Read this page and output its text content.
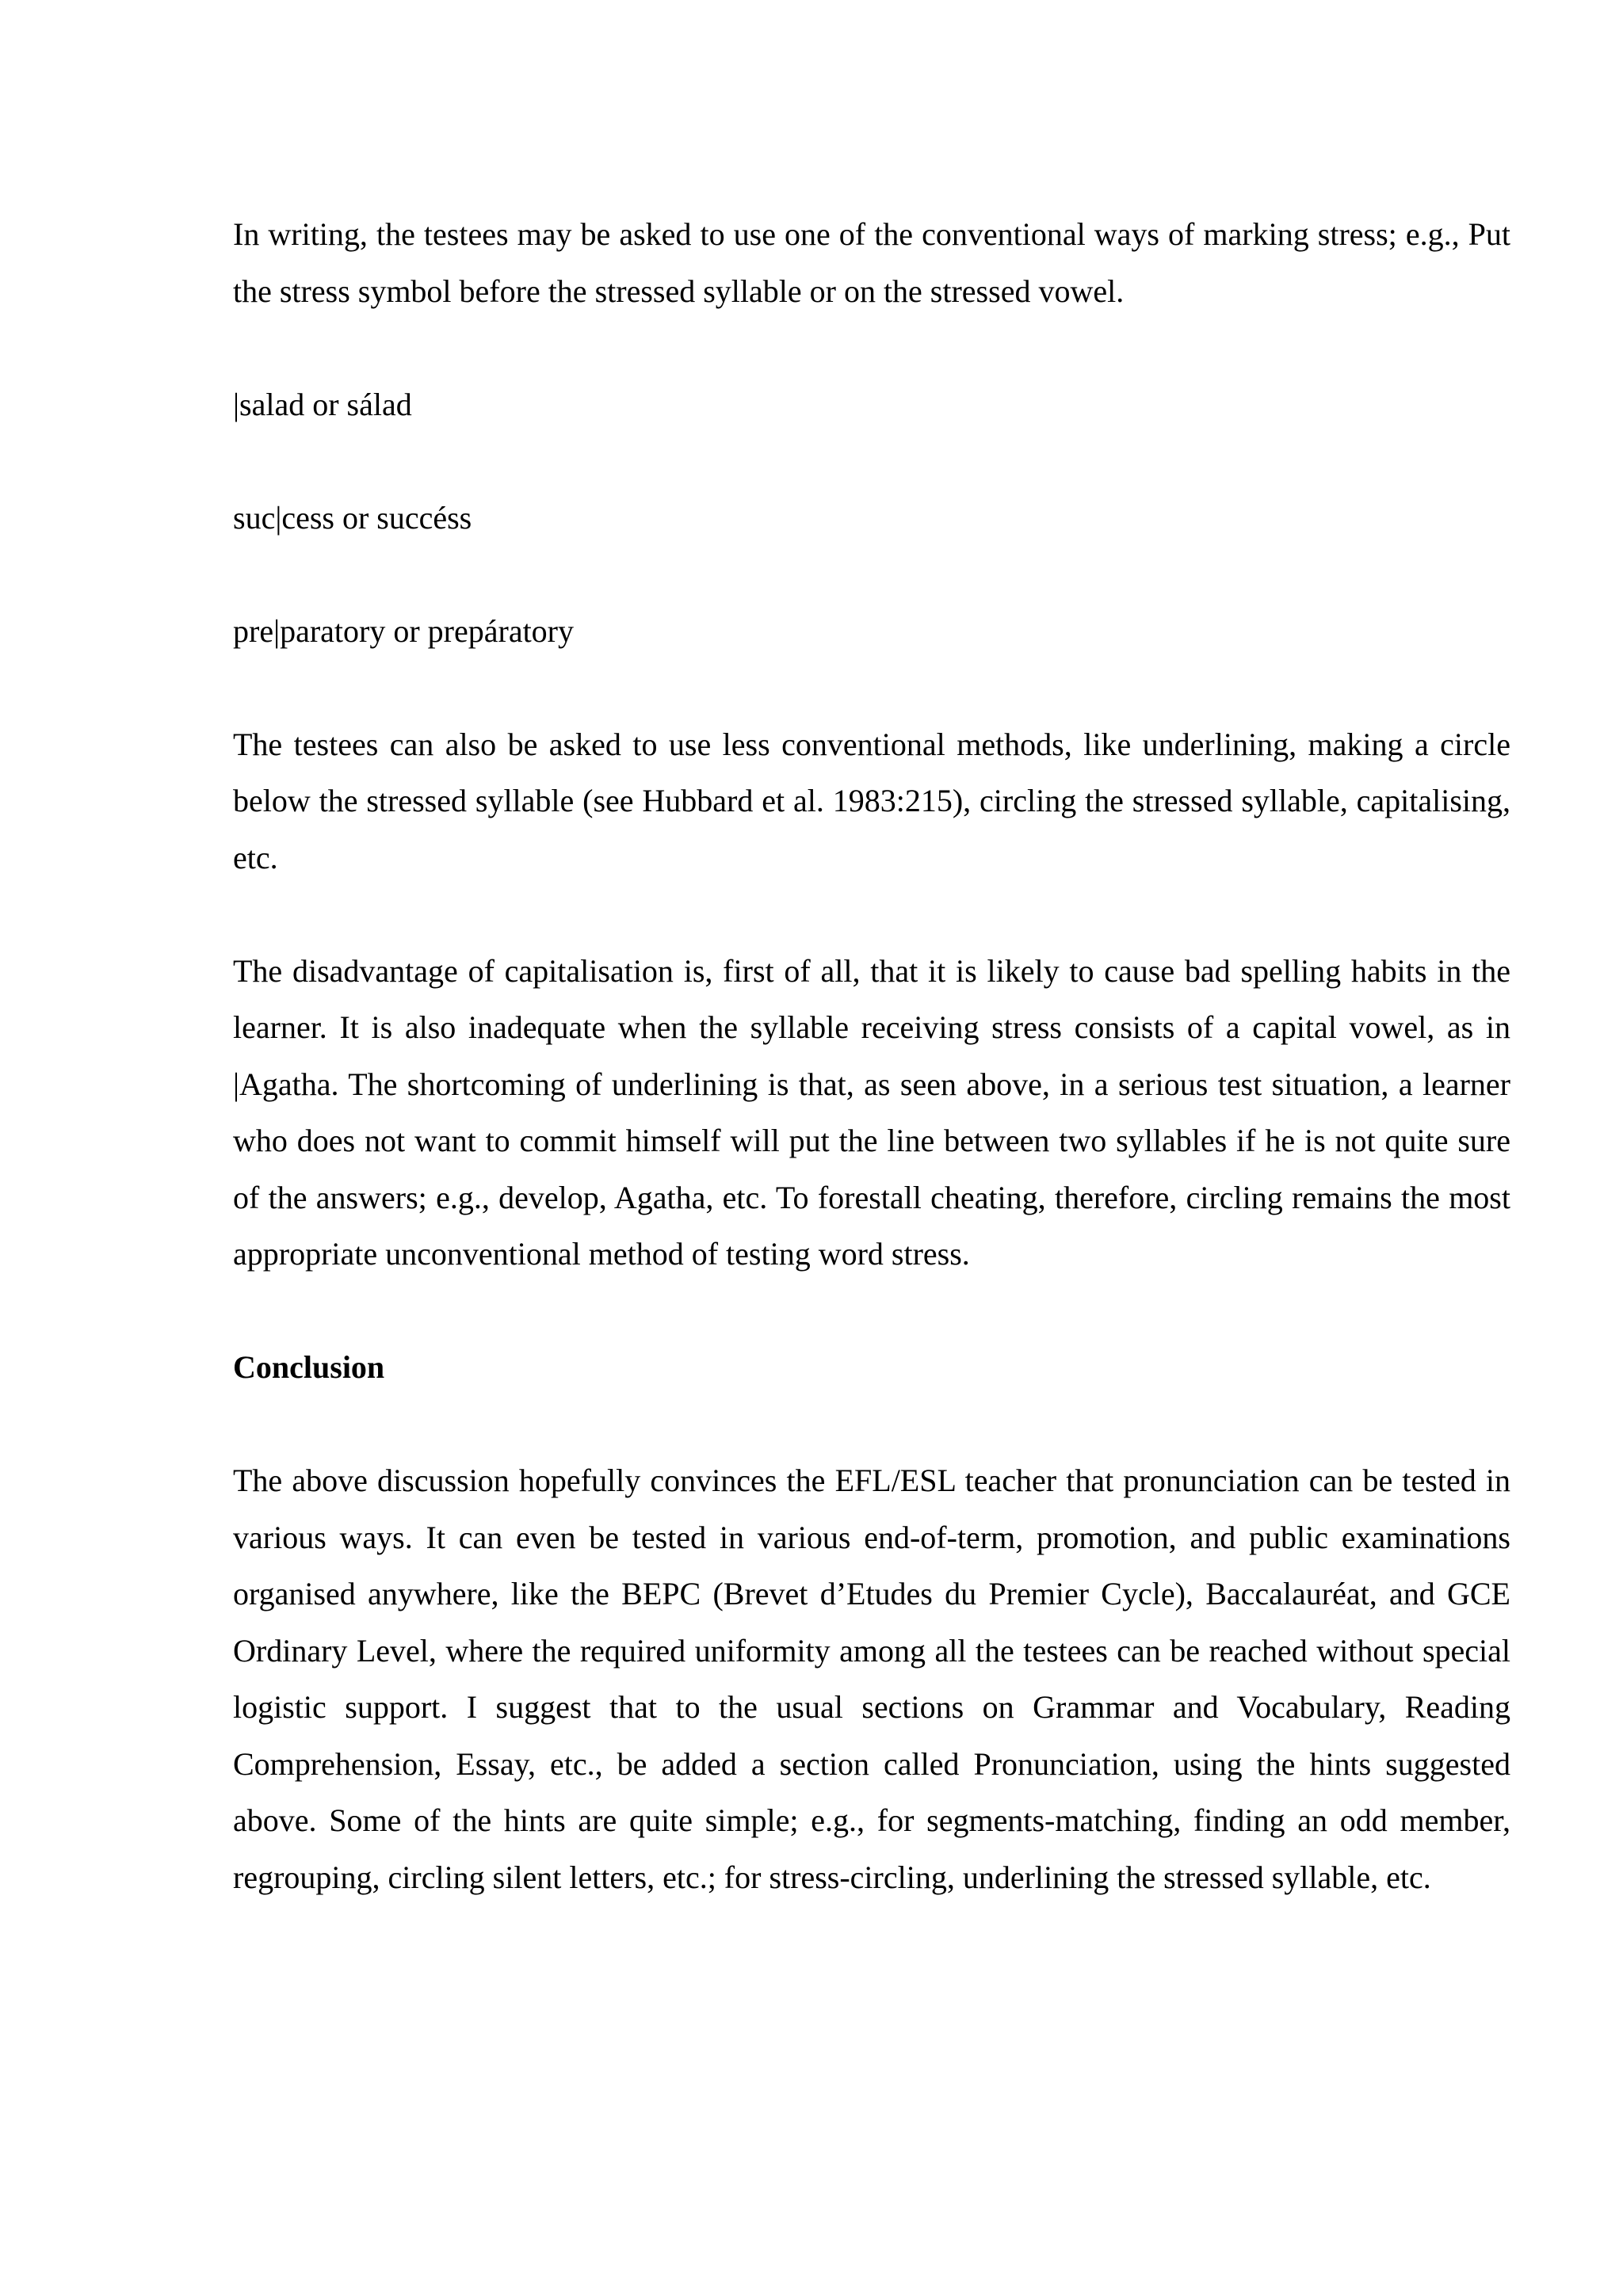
In writing, the testees may be asked to use one of the conventional ways of marking stress; e.g., Put the stress symbol before the stressed syllable or on the stressed vowel.

|salad or sálad

suc|cess or succéss

pre|paratory or prepáratory

The testees can also be asked to use less conventional methods, like underlining, making a circle below the stressed syllable (see Hubbard et al. 1983:215), circling the stressed syllable, capitalising, etc.

The disadvantage of capitalisation is, first of all, that it is likely to cause bad spelling habits in the learner. It is also inadequate when the syllable receiving stress consists of a capital vowel, as in |Agatha. The shortcoming of underlining is that, as seen above, in a serious test situation, a learner who does not want to commit himself will put the line between two syllables if he is not quite sure of the answers; e.g., develop, Agatha, etc. To forestall cheating, therefore, circling remains the most appropriate unconventional method of testing word stress.

Conclusion

The above discussion hopefully convinces the EFL/ESL teacher that pronunciation can be tested in various ways. It can even be tested in various end-of-term, promotion, and public examinations organised anywhere, like the BEPC (Brevet d’Etudes du Premier Cycle), Baccalauréat, and GCE Ordinary Level, where the required uniformity among all the testees can be reached without special logistic support. I suggest that to the usual sections on Grammar and Vocabulary, Reading Comprehension, Essay, etc., be added a section called Pronunciation, using the hints suggested above. Some of the hints are quite simple; e.g., for segments-matching, finding an odd member, regrouping, circling silent letters, etc.; for stress-circling, underlining the stressed syllable, etc.
